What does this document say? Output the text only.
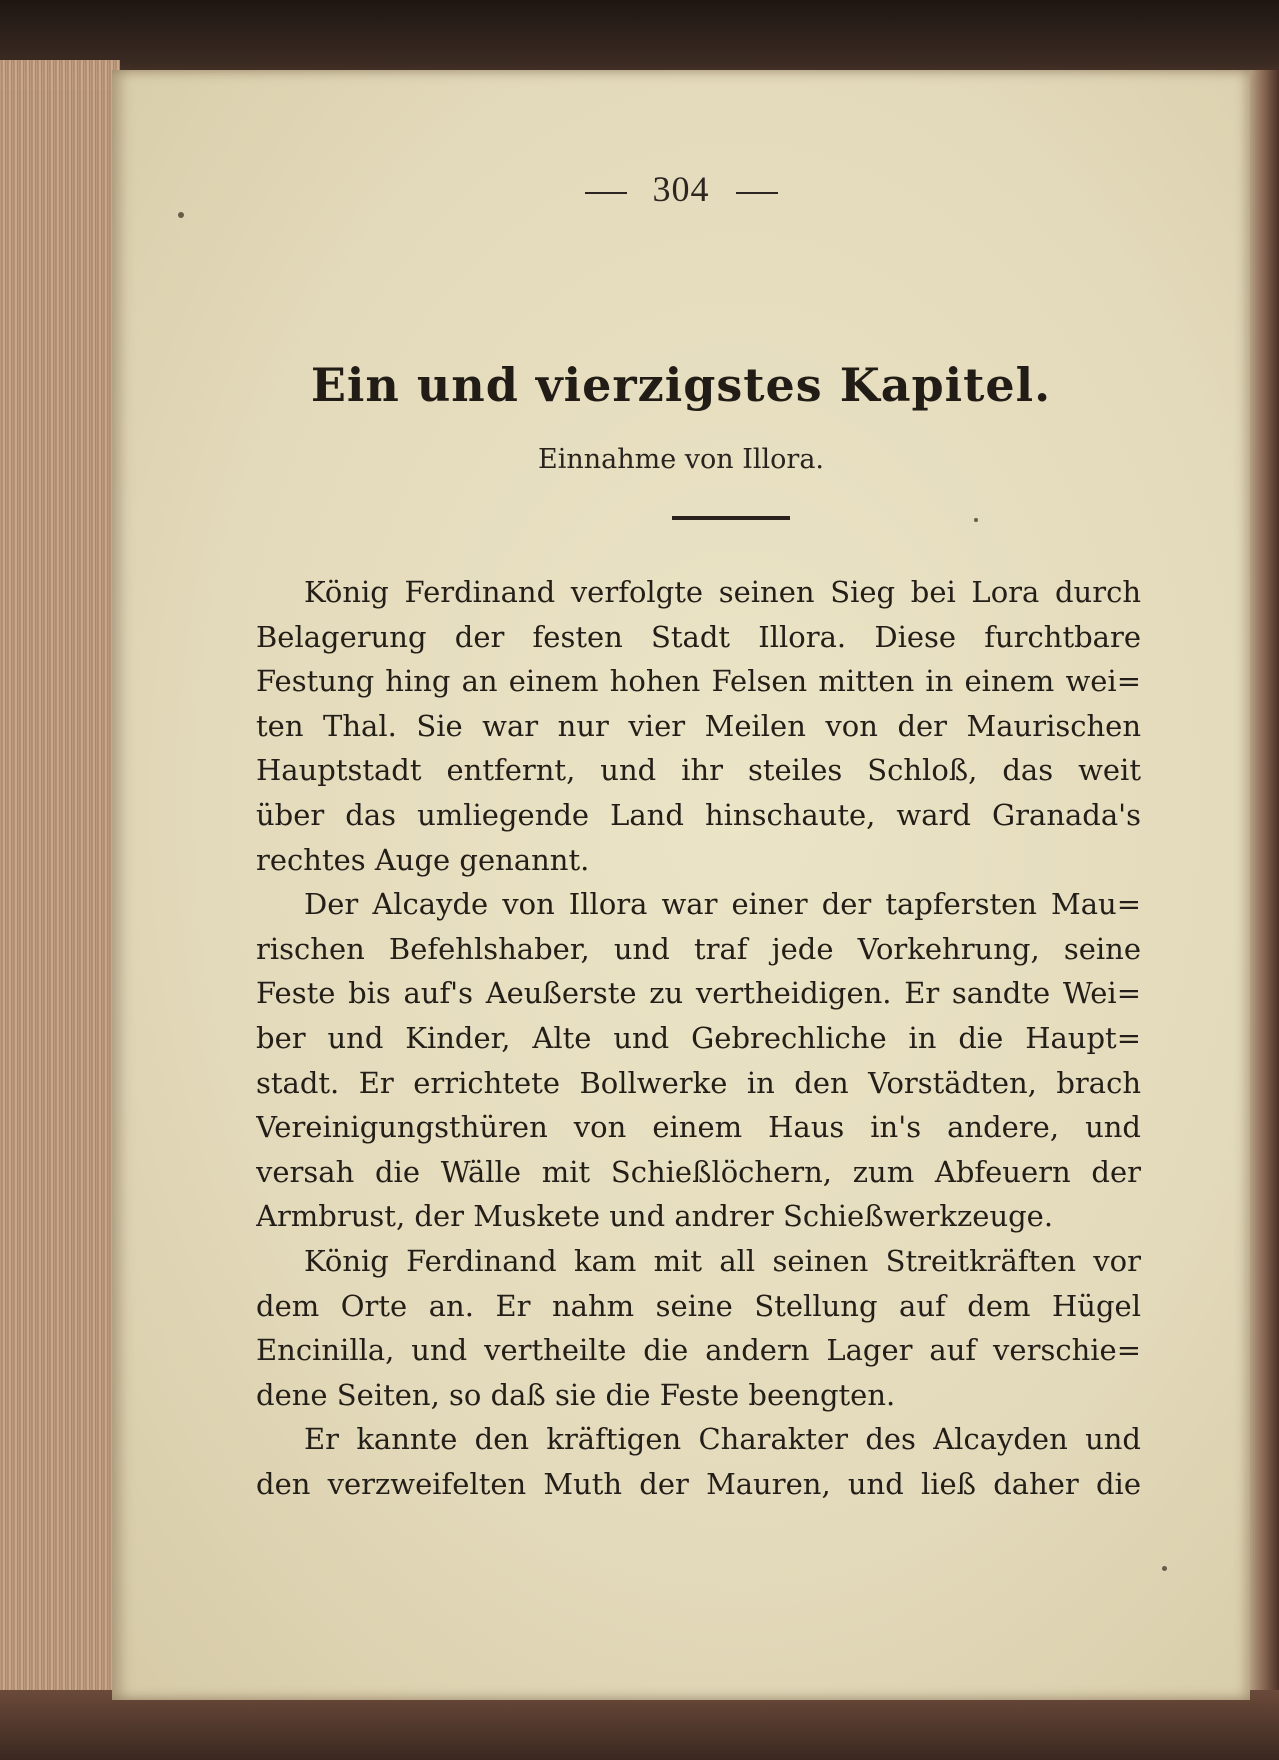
304
Ein und vierzigstes Kapitel.
Einnahme von Illora.
König Ferdinand verfolgte seinen Sieg bei Lora durch
Belagerung der festen Stadt Illora. Diese furchtbare
Festung hing an einem hohen Felsen mitten in einem wei=
ten Thal. Sie war nur vier Meilen von der Maurischen
Hauptstadt entfernt, und ihr steiles Schloß, das weit
über das umliegende Land hinschaute, ward Granada's
rechtes Auge genannt.
Der Alcayde von Illora war einer der tapfersten Mau=
rischen Befehlshaber, und traf jede Vorkehrung, seine
Feste bis auf's Aeußerste zu vertheidigen. Er sandte Wei=
ber und Kinder, Alte und Gebrechliche in die Haupt=
stadt. Er errichtete Bollwerke in den Vorstädten, brach
Vereinigungsthüren von einem Haus in's andere, und
versah die Wälle mit Schießlöchern, zum Abfeuern der
Armbrust, der Muskete und andrer Schießwerkzeuge.
König Ferdinand kam mit all seinen Streitkräften vor
dem Orte an. Er nahm seine Stellung auf dem Hügel
Encinilla, und vertheilte die andern Lager auf verschie=
dene Seiten, so daß sie die Feste beengten.
Er kannte den kräftigen Charakter des Alcayden und
den verzweifelten Muth der Mauren, und ließ daher die
